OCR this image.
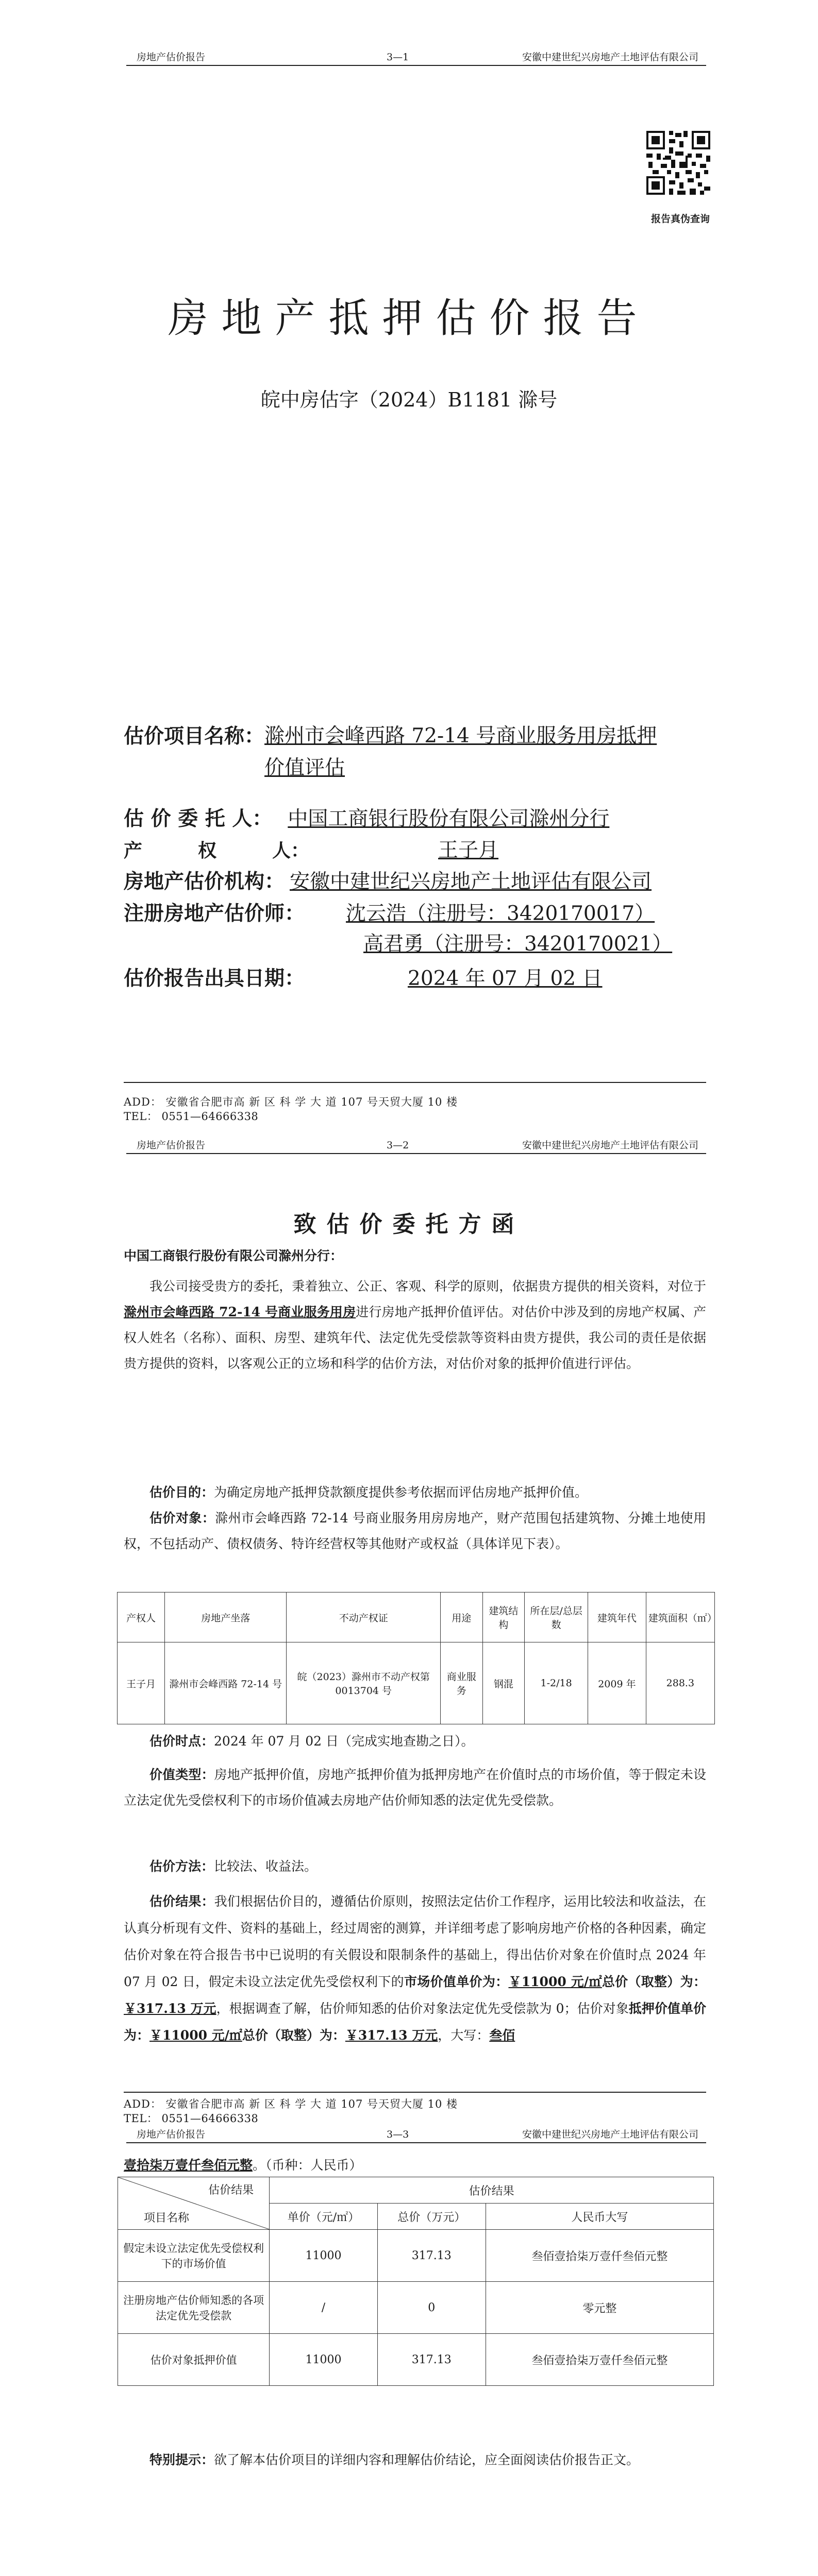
房地产估价报告	3—1	安徽中建世纪兴房地产土地评估有限公司
报告真伪查询
房地产抵押估价报告
皖中房估字（2024）B1181 滁号
估价项目名称：滁州市会峰西路 72-14 号商业服务用房抵押价值评估
估 价 委 托 人： 中国工商银行股份有限公司滁州分行
产　　　权　　　人：	王子月
房地产估价机构： 安徽中建世纪兴房地产土地评估有限公司
注册房地产估价师： 沈云浩（注册号：3420170017）
高君勇（注册号：3420170021）
估价报告出具日期：	2024 年 07 月 02 日
ADD： 安徽省合肥市高 新 区 科 学 大 道 107 号天贸大厦 10 楼
TEL： 0551—64666338
房地产估价报告	3—2	安徽中建世纪兴房地产土地评估有限公司
致估价委托方函
中国工商银行股份有限公司滁州分行：
我公司接受贵方的委托，秉着独立、公正、客观、科学的原则，依据贵方提供的相关资料，对位于滁州市会峰西路 72-14 号商业服务用房进行房地产抵押价值评估。对估价中涉及到的房地产权属、产权人姓名（名称）、面积、房型、建筑年代、法定优先受偿款等资料由贵方提供，我公司的责任是依据贵方提供的资料，以客观公正的立场和科学的估价方法，对估价对象的抵押价值进行评估。
估价目的：为确定房地产抵押贷款额度提供参考依据而评估房地产抵押价值。
估价对象：滁州市会峰西路 72-14 号商业服务用房房地产，财产范围包括建筑物、分摊土地使用权，不包括动产、债权债务、特许经营权等其他财产或权益（具体详见下表）。
产权人	房地产坐落	不动产权证	用途	建筑结构	所在层/总层数	建筑年代	建筑面积（㎡）
王子月	滁州市会峰西路 72-14 号	皖（2023）滁州市不动产权第 0013704 号	商业服务	钢混	1-2/18	2009 年	288.3
估价时点：2024 年 07 月 02 日（完成实地查勘之日）。
价值类型：房地产抵押价值，房地产抵押价值为抵押房地产在价值时点的市场价值，等于假定未设立法定优先受偿权利下的市场价值减去房地产估价师知悉的法定优先受偿款。
估价方法：比较法、收益法。
估价结果：我们根据估价目的，遵循估价原则，按照法定估价工作程序，运用比较法和收益法，在认真分析现有文件、资料的基础上，经过周密的测算，并详细考虑了影响房地产价格的各种因素，确定估价对象在符合报告书中已说明的有关假设和限制条件的基础上，得出估价对象在价值时点 2024 年 07 月 02 日，假定未设立法定优先受偿权利下的市场价值单价为：￥11000 元/㎡总价（取整）为：￥317.13 万元，根据调查了解，估价师知悉的估价对象法定优先受偿款为 0；估价对象抵押价值单价为：￥11000 元/㎡总价（取整）为：￥317.13 万元，大写：叁佰
ADD： 安徽省合肥市高 新 区 科 学 大 道 107 号天贸大厦 10 楼
TEL： 0551—64666338
房地产估价报告	3—3	安徽中建世纪兴房地产土地评估有限公司
壹拾柒万壹仟叁佰元整。（币种：人民币）
估价结果
项目名称	估价结果		
	单价（元/㎡）	总价（万元）	人民币大写
假定未设立法定优先受偿权利下的市场价值	11000	317.13	叁佰壹拾柒万壹仟叁佰元整
注册房地产估价师知悉的各项法定优先受偿款	/	0	零元整
估价对象抵押价值	11000	317.13	叁佰壹拾柒万壹仟叁佰元整
特别提示：欲了解本估价项目的详细内容和理解估价结论，应全面阅读估价报告正文。
